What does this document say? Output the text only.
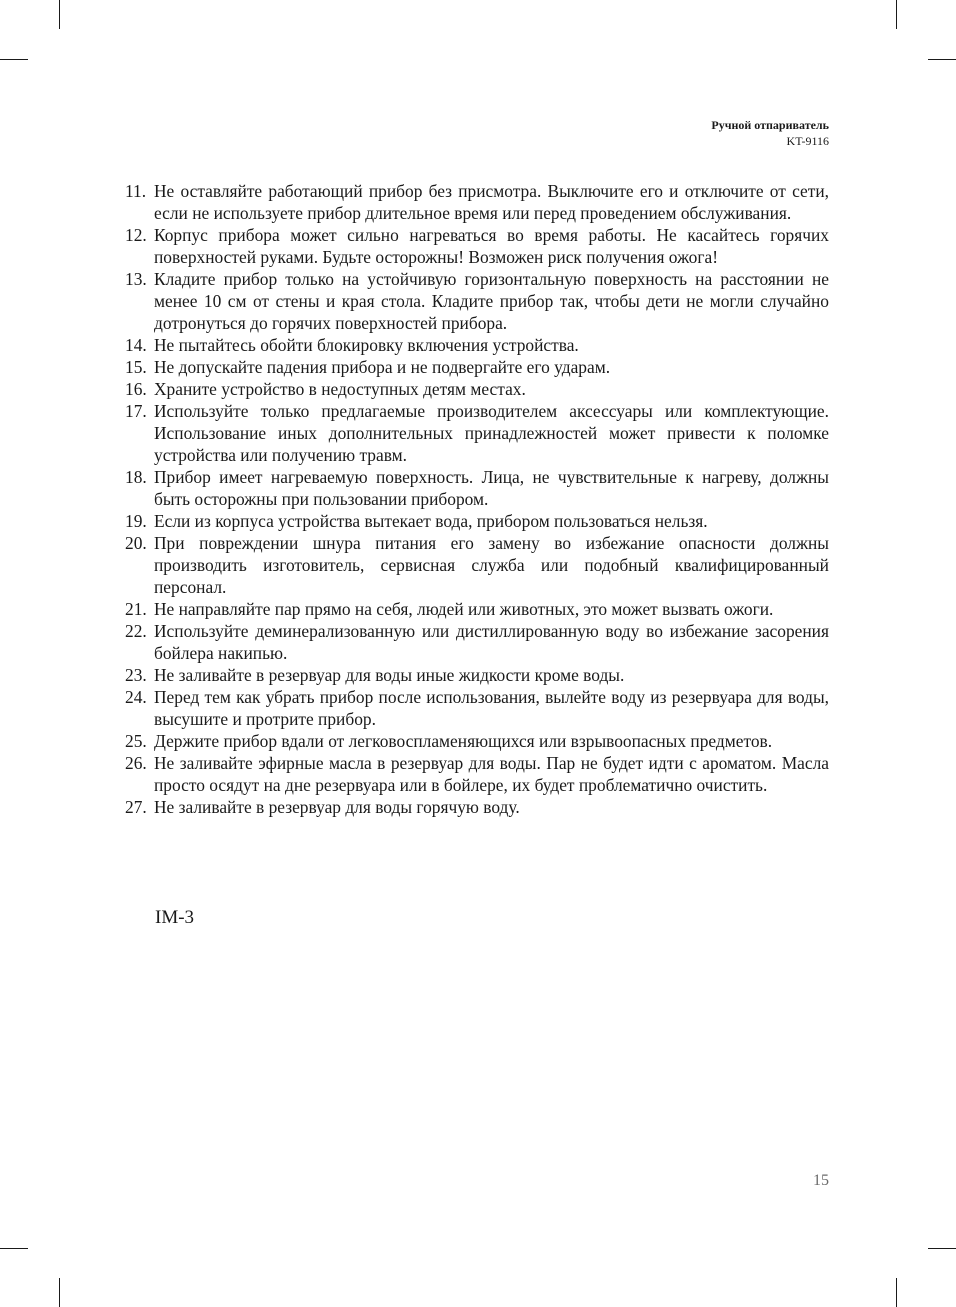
Ручной отпариватель
KT-9116
11. Не оставляйте работающий прибор без присмотра. Выключите его и отключите от сети, если не используете прибор длительное время или перед проведением обслуживания.
12. Корпус прибора может сильно нагреваться во время работы. Не касайтесь горячих поверхностей руками. Будьте осторожны! Возможен риск получения ожога!
13. Кладите прибор только на устойчивую горизонтальную поверхность на расстоянии не менее 10 см от стены и края стола. Кладите прибор так, чтобы дети не могли случайно дотронуться до горячих поверхностей прибора.
14. Не пытайтесь обойти блокировку включения устройства.
15. Не допускайте падения прибора и не подвергайте его ударам.
16. Храните устройство в недоступных детям местах.
17. Используйте только предлагаемые производителем аксессуары или комплектующие. Использование иных дополнительных принадлежностей может привести к поломке устройства или получению травм.
18. Прибор имеет нагреваемую поверхность. Лица, не чувствительные к нагреву, должны быть осторожны при пользовании прибором.
19. Если из корпуса устройства вытекает вода, прибором пользоваться нельзя.
20. При повреждении шнура питания его замену во избежание опасности должны производить изготовитель, сервисная служба или подобный квалифицированный персонал.
21. Не направляйте пар прямо на себя, людей или животных, это может вызвать ожоги.
22. Используйте деминерализованную или дистиллированную воду во избежание засорения бойлера накипью.
23. Не заливайте в резервуар для воды иные жидкости кроме воды.
24. Перед тем как убрать прибор после использования, вылейте воду из резервуара для воды, высушите и протрите прибор.
25. Держите прибор вдали от легковоспламеняющихся или взрывоопасных предметов.
26. Не заливайте эфирные масла в резервуар для воды. Пар не будет идти с ароматом. Масла просто осядут на дне резервуара или в бойлере, их будет проблематично очистить.
27. Не заливайте в резервуар для воды горячую воду.
IM-3
15
